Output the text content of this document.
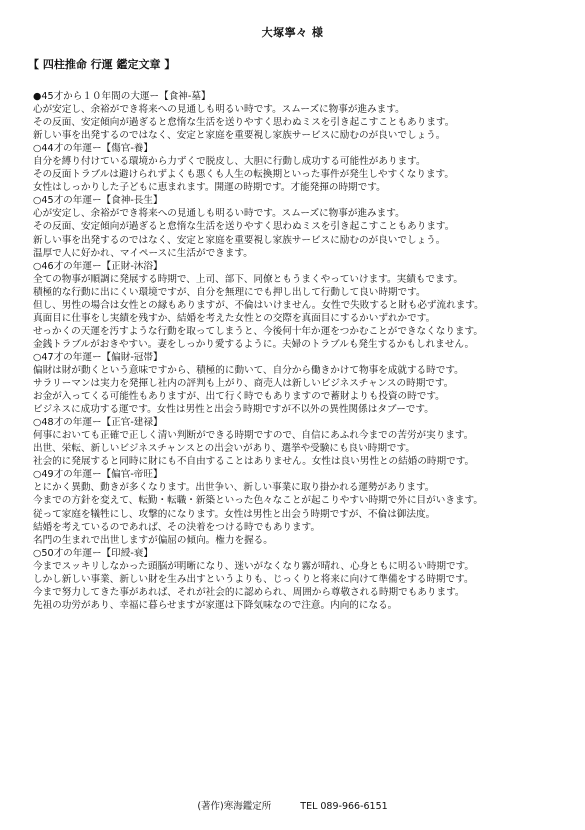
大塚寧々 様
【 四柱推命 行運 鑑定文章 】
●45才から１０年間の大運ー【食神-墓】
心が安定し、余裕ができ将来への見通しも明るい時です。スムーズに物事が進みます。
その反面、安定傾向が過ぎると怠惰な生活を送りやすく思わぬミスを引き起こすこともあります。
新しい事を出発するのではなく、安定と家庭を重要視し家族サービスに励むのが良いでしょう。
○44才の年運ー【傷官-養】
自分を縛り付けている環境から力ずくで脱皮し、大胆に行動し成功する可能性があります。
その反面トラブルは避けられずよくも悪くも人生の転換期といった事件が発生しやすくなります。
女性はしっかりした子どもに恵まれます。開運の時期です。才能発揮の時期です。
○45才の年運ー【食神-長生】
心が安定し、余裕ができ将来への見通しも明るい時です。スムーズに物事が進みます。
その反面、安定傾向が過ぎると怠惰な生活を送りやすく思わぬミスを引き起こすこともあります。
新しい事を出発するのではなく、安定と家庭を重要視し家族サービスに励むのが良いでしょう。
温厚で人に好かれ、マイペースに生活ができます。
○46才の年運ー【正財-沐浴】
全ての物事が順調に発展する時期で、上司、部下、同僚ともうまくやっていけます。実績もでます。
積極的な行動に出にくい環境ですが、自分を無理にでも押し出して行動して良い時期です。
但し、男性の場合は女性との縁もありますが、不倫はいけません。女性で失敗すると財も必ず流れます。
真面目に仕事をし実績を残すか、結婚を考えた女性との交際を真面目にするかいずれかです。
せっかくの天運を汚すような行動を取ってしまうと、今後何十年か運をつかむことができなくなります。
金銭トラブルがおきやすい。妻をしっかり愛するように。夫婦のトラブルも発生するかもしれません。
○47才の年運ー【偏財-冠帯】
偏財は財が動くという意味ですから、積極的に動いて、自分から働きかけて物事を成就する時です。
サラリーマンは実力を発揮し社内の評判も上がり、商売人は新しいビジネスチャンスの時期です。
お金が入ってくる可能性もありますが、出て行く時でもありますので蓄財よりも投資の時です。
ビジネスに成功する運です。女性は男性と出会う時期ですが不以外の異性関係はタブーです。
○48才の年運ー【正官-建禄】
何事においても正確で正しく清い判断ができる時期ですので、自信にあふれ今までの苦労が実ります。
出世、栄転、新しいビジネスチャンスとの出会いがあり、選挙や受験にも良い時期です。
社会的に発展すると同時に財にも不自由することはありません。女性は良い男性との結婚の時期です。
○49才の年運ー【偏官-帝旺】
とにかく異動、動きが多くなります。出世争い、新しい事業に取り掛かれる運勢があります。
今までの方針を変えて、転勤・転職・新築といった色々なことが起こりやすい時期で外に目がいきます。
従って家庭を犠牲にし、攻撃的になります。女性は男性と出会う時期ですが、不倫は御法度。
結婚を考えているのであれば、その決着をつける時でもあります。
名門の生まれで出世しますが偏屈の傾向。権力を握る。
○50才の年運ー【印綬-衰】
今までスッキリしなかった頭脳が明晰になり、迷いがなくなり霧が晴れ、心身ともに明るい時期です。
しかし新しい事業、新しい財を生み出すというよりも、じっくりと将来に向けて準備をする時期です。
今まで努力してきた事があれば、それが社会的に認められ、周囲から尊敬される時期でもあります。
先祖の功労があり、幸福に暮らせますが家運は下降気味なので注意。内向的になる。
(著作)寒海鑑定所	TEL 089-966-6151
